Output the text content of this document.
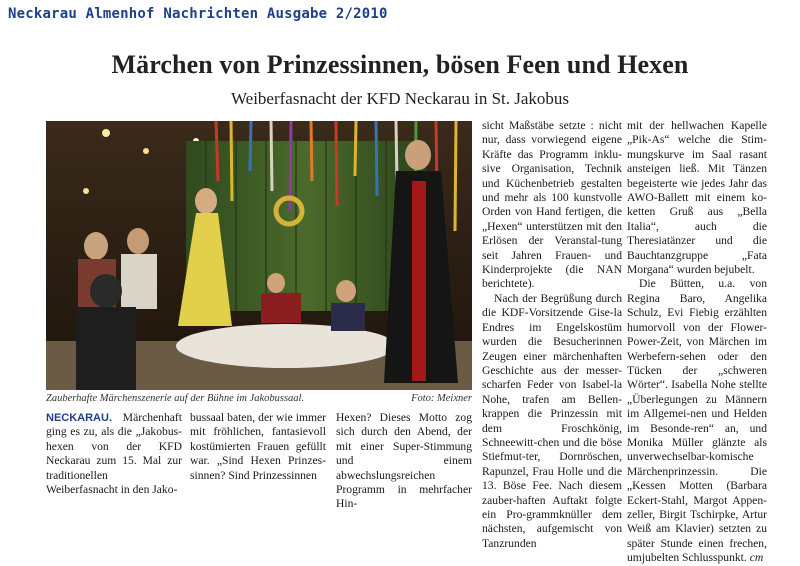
Neckarau Almenhof Nachrichten Ausgabe 2/2010
Märchen von Prinzessinnen, bösen Feen und Hexen
Weiberfasnacht der KFD Neckarau in St. Jakobus
Zauberhafte Märchenszenerie auf der Bühne im Jakobussaal.	Foto: Meixner

sicht Maßstäbe setzte : nicht nur, dass vorwiegend eigene Kräfte das Programm inklu-sive Organisation, Technik und Küchenbetrieb gestalten und mehr als 100 kunstvolle Orden von Hand fertigen, die „Hexen“ unterstützen mit den Erlösen der Veranstal-tung seit Jahren Frauen- und Kinderprojekte (die NAN berichtete).

Nach der Begrüßung durch die KDF-Vorsitzende Gise-la Endres im Engelskostüm wurden die Besucherinnen Zeugen einer märchenhaften Geschichte aus der messer-scharfen Feder von Isabel-la Nohe, trafen am Bellen-krappen die Prinzessin mit dem Froschkönig, Schneewitt-chen und die böse Stiefmut-ter, Dornröschen, Rapunzel, Frau Holle und die 13. Böse Fee. Nach diesem zauber-haften Auftakt folgte ein Pro-grammknüller dem nächsten, aufgemischt von Tanzrunden

mit der hellwachen Kapelle „Pik-As“ welche die Stim-mungskurve im Saal rasant ansteigen ließ. Mit Tänzen begeisterte wie jedes Jahr das AWO-Ballett mit einem ko-ketten Gruß aus „Bella Italia“, auch die Theresiatänzer und die Bauchtanzgruppe „Fata Morgana“ wurden bejubelt.

Die Bütten, u.a. von Regina Baro, Angelika Schulz, Evi Fiebig erzählten humorvoll von der Flower-Power-Zeit, von Märchen im Werbefern-sehen oder den Tücken der „schweren Wörter“. Isabella Nohe stellte „Überlegungen zu Männern im Allgemei-nen und Helden im Besonde-ren“ an, und Monika Müller glänzte als unverwechselbar-komische Märchenprinzessin. Die „Kessen Motten (Barbara Eckert-Stahl, Margot Appen-zeller, Birgit Tschirpke, Artur Weiß am Klavier) setzten zu später Stunde einen frechen, umjubelten Schlusspunkt. cm

NECKARAU. Märchenhaft ging es zu, als die „Jakobus-hexen von der KFD Neckarau zum 15. Mal zur traditionellen Weiberfasnacht in den Jako-

bussaal baten, der wie immer mit fröhlichen, fantasievoll kostümierten Frauen gefüllt war. „Sind Hexen Prinzes-sinnen? Sind Prinzessinnen

Hexen? Dieses Motto zog sich durch den Abend, der mit einer Super-Stimmung und einem abwechslungsreichen Programm in mehrfacher Hin-
